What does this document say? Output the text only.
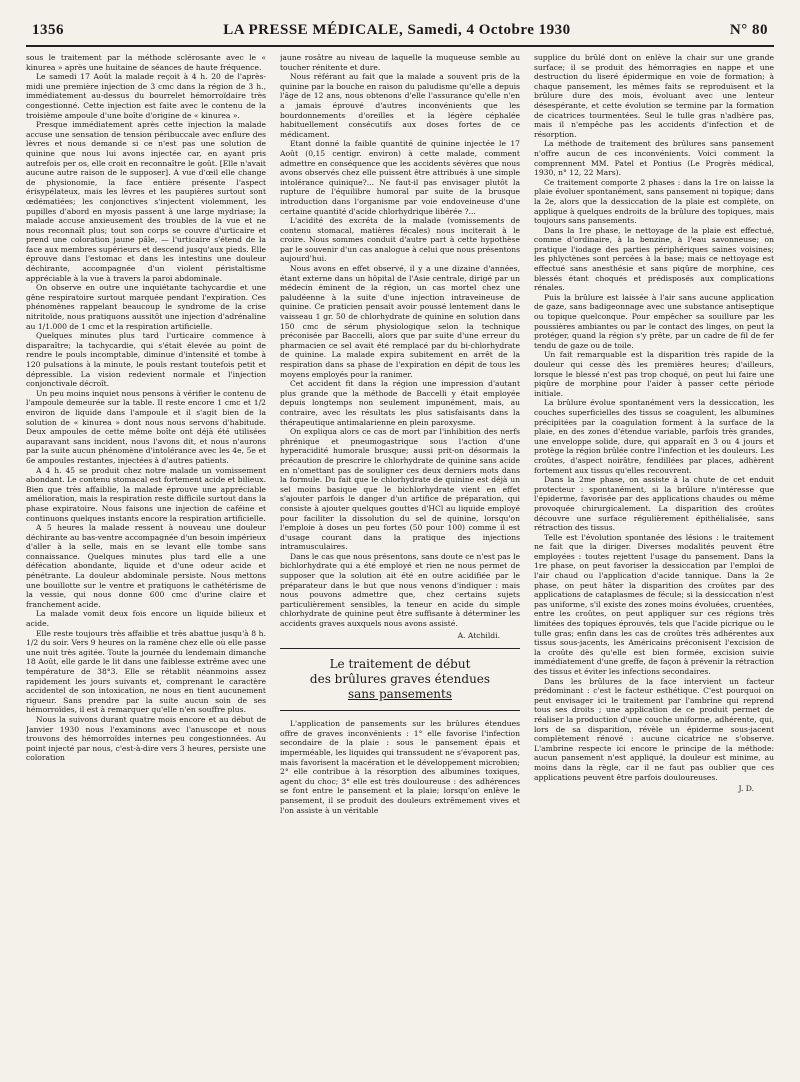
1356	LA PRESSE MÉDICALE, Samedi, 4 Octobre 1930	N° 80

sous le traitement par la méthode sclérosante avec le « kinurea » après une huitaine de séances de haute fréquence.

Le samedi 17 Août la malade reçoit à 4 h. 20 de l'après-midi une première injection de 3 cmc dans la région de 3 h., immédiatement au-dessus du bourrelet hémorroïdaire très congestionné. Cette injection est faite avec le contenu de la troisième ampoule d'une boîte d'origine de « kinurea ».

Presque immédiatement après cette injection la malade accuse une sensation de tension péribuccale avec enflure des lèvres et nous demande si ce n'est pas une solution de quinine que nous lui avons injectée car, en ayant pris autrefois per os, elle croit en reconnaître le goût. [Elle n'avait aucune autre raison de le supposer]. A vue d'œil elle change de physionomie, la face entière présente l'aspect érisypélateux, mais les lèvres et les paupières surtout sont œdématiées; les conjonctives s'injectent violemment, les pupilles d'abord en myosis passent à une large mydriase; la malade accuse anxieusement des troubles de la vue et ne nous reconnaît plus; tout son corps se couvre d'urticaire et prend une coloration jaune pâle, — l'urticaire s'étend de la face aux membres supérieurs et descend jusqu'aux pieds. Elle éprouve dans l'estomac et dans les intestins une douleur déchirante, accompagnée d'un violent péristaltisme appréciable à la vue à travers la paroi abdominale.

On observe en outre une inquiétante tachycardie et une gêne respiratoire surtout marquée pendant l'expiration. Ces phénomènes rappelant beaucoup le syndrome de la crise nitritoïde, nous pratiquons aussitôt une injection d'adrénaline au 1/1.000 de 1 cmc et la respiration artificielle.

Quelques minutes plus tard l'urticaire commence à disparaître; la tachycardie, qui s'était élevée au point de rendre le pouls incomptable, diminue d'intensité et tombe à 120 pulsations à la minute, le pouls restant toutefois petit et dépressible. La vision redevient normale et l'injection conjonctivale décroît.

Un peu moins inquiet nous pensons à vérifier le contenu de l'ampoule demeurée sur la table. Il reste encore 1 cmc et 1/2 environ de liquide dans l'ampoule et il s'agit bien de la solution de « kinurea » dont nous nous servons d'habitude. Deux ampoules de cette même boîte ont déjà été utilisées auparavant sans incident, nous l'avons dit, et nous n'aurons par la suite aucun phénomène d'intolérance avec les 4e, 5e et 6e ampoules restantes, injectées à d'autres patients.

A 4 h. 45 se produit chez notre malade un vomissement abondant. Le contenu stomacal est fortement acide et bilieux. Bien que très affaiblie, la malade éprouve une appréciable amélioration, mais la respiration reste difficile surtout dans la phase expiratoire. Nous faisons une injection de caféine et continuons quelques instants encore la respiration artificielle.

A 5 heures la malade ressent à nouveau une douleur déchirante au bas-ventre accompagnée d'un besoin impérieux d'aller à la selle, mais en se levant elle tombe sans connaissance. Quelques minutes plus tard elle a une défécation abondante, liquide et d'une odeur acide et pénétrante. La douleur abdominale persiste. Nous mettons une bouillotte sur le ventre et pratiquons le cathétérisme de la vessie, qui nous donne 600 cmc d'urine claire et franchement acide.

La malade vomit deux fois encore un liquide bilieux et acide.

Elle reste toujours très affaiblie et très abattue jusqu'à 8 h. 1/2 du soir. Vers 9 heures on la ramène chez elle où elle passe une nuit très agitée. Toute la journée du lendemain dimanche 18 Août, elle garde le lit dans une faiblesse extrême avec une température de 38°3. Elle se rétablit néanmoins assez rapidement les jours suivants et, comprenant le caractère accidentel de son intoxication, ne nous en tient aucunement rigueur. Sans prendre par la suite aucun soin de ses hémorroïdes, il est à remarquer qu'elle n'en souffre plus.

Nous la suivons durant quatre mois encore et au début de Janvier 1930 nous l'examinons avec l'anuscope et nous trouvons des hémorroïdes internes peu congestionnées. Au point injecté par nous, c'est-à-dire vers 3 heures, persiste une coloration

jaune rosâtre au niveau de laquelle la muqueuse semble au toucher rénitente et dure.

Nous référant au fait que la malade a souvent pris de la quinine par la bouche en raison du paludisme qu'elle a depuis l'âge de 12 ans, nous obtenons d'elle l'assurance qu'elle n'en a jamais éprouvé d'autres inconvénients que les bourdonnements d'oreilles et la légère céphalée habituellement consécutifs aux doses fortes de ce médicament.

Etant donné la faible quantité de quinine injectée le 17 Août (0,15 centigr. environ) à cette malade, comment admettre en conséquence que les accidents sévères que nous avons observés chez elle puissent être attribués à une simple intolérance quinique?... Ne faut-il pas envisager plutôt la rupture de l'équilibre humoral par suite de la brusque introduction dans l'organisme par voie endoveineuse d'une certaine quantité d'acide chlorhydrique libérée ?...

L'acidité des excréta de la malade (vomissements de contenu stomacal, matières fécales) nous inciterait à le croire. Nous sommes conduit d'autre part à cette hypothèse par le souvenir d'un cas analogue à celui que nous présentons aujourd'hui.

Nous avons en effet observé, il y a une dizaine d'années, étant externe dans un hôpital de l'Asie centrale, dirigé par un médecin éminent de la région, un cas mortel chez une paludéenne à la suite d'une injection intraveineuse de quinine. Ce praticien pensait avoir poussé lentement dans le vaisseau 1 gr. 50 de chlorhydrate de quinine en solution dans 150 cmc de sérum physiologique selon la technique préconisée par Baccelli, alors que par suite d'une erreur du pharmacien ce sel avait été remplacé par du bi-chlorhydrate de quinine. La malade expira subitement en arrêt de la respiration dans sa phase de l'expiration en dépit de tous les moyens employés pour la ranimer.

Cet accident fit dans la région une impression d'autant plus grande que la méthode de Baccelli y était employée depuis longtemps non seulement impunément, mais, au contraire, avec les résultats les plus satisfaisants dans la thérapeutique antimalarienne en plein paroxysme.

On expliqua alors ce cas de mort par l'inhibition des nerfs phrénique et pneumogastrique sous l'action d'une hyperacidité humorale brusque; aussi prit-on désormais la précaution de prescrire le chlorhydrate de quinine sans acide en n'omettant pas de souligner ces deux derniers mots dans la formule. Du fait que le chlorhydrate de quinine est déjà un sel moins basique que le bichlorhydrate vient en effet s'ajouter parfois le danger d'un artifice de préparation, qui consiste à ajouter quelques gouttes d'HCl au liquide employé pour faciliter la dissolution du sel de quinine, lorsqu'on l'emploie à doses un peu fortes (50 pour 100) comme il est d'usage courant dans la pratique des injections intramusculaires.

Dans le cas que nous présentons, sans doute ce n'est pas le bichlorhydrate qui a été employé et rien ne nous permet de supposer que la solution ait été en outre acidifiée par le préparateur dans le but que nous venons d'indiquer : mais nous pouvons admettre que, chez certains sujets particulièrement sensibles, la teneur en acide du simple chlorhydrate de quinine peut être suffisante à déterminer les accidents graves auxquels nous avons assisté.

A. Atchildi.
Le traitement de début
des brûlures graves étendues
sans pansements

L'application de pansements sur les brûlures étendues offre de graves inconvénients : 1° elle favorise l'infection secondaire de la plaie : sous le pansement épais et imperméable, les liquides qui transsudent ne s'évaporent pas, mais favorisent la macération et le développement microbien; 2° elle contribue à la résorption des albumines toxiques, agent du choc; 3° elle est très douloureuse : des adhérences se font entre le pansement et la plaie; lorsqu'on enlève le pansement, il se produit des douleurs extrêmement vives et l'on assiste à un véritable

supplice du brûlé dont on enlève la chair sur une grande surface; il se produit des hémorragies en nappe et une destruction du liseré épidermique en voie de formation; à chaque pansement, les mêmes faits se reproduisent et la brûlure dure des mois, évoluant avec une lenteur désespérante, et cette évolution se termine par la formation de cicatrices tourmentées. Seul le tulle gras n'adhère pas, mais il n'empêche pas les accidents d'infection et de résorption.

La méthode de traitement des brûlures sans pansement n'offre aucun de ces inconvénients. Voici comment la comprennent MM. Patel et Pontius (Le Progrès médical, 1930, n° 12, 22 Mars).

Ce traitement comporte 2 phases : dans la 1re on laisse la plaie évoluer spontanément, sans pansement ni topique; dans la 2e, alors que la dessiccation de la plaie est complète, on applique à quelques endroits de la brûlure des topiques, mais toujours sans pansements.

Dans la 1re phase, le nettoyage de la plaie est effectué, comme d'ordinaire, à la benzine, à l'eau savonneuse; on pratique l'iodage des parties périphériques saines voisines; les phlyctènes sont percées à la base; mais ce nettoyage est effectué sans anesthésie et sans piqûre de morphine, ces blessés étant choqués et prédisposés aux complications rénales.

Puis la brûlure est laissée à l'air sans aucune application de gaze, sans badigeonnage avec une substance antiseptique ou topique quelconque. Pour empêcher sa souillure par les poussières ambiantes ou par le contact des linges, on peut la protéger, quand la région s'y prête, par un cadre de fil de fer tendu de gaze ou de toile.

Un fait remarquable est la disparition très rapide de la douleur qui cesse dès les premières heures; d'ailleurs, lorsque le blessé n'est pas trop choqué, on peut lui faire une piqûre de morphine pour l'aider à passer cette période initiale.

La brûlure évolue spontanément vers la dessiccation, les couches superficielles des tissus se coagulent, les albumines précipitées par la coagulation forment à la surface de la plaie, en des zones d'étendue variable, parfois très grandes, une enveloppe solide, dure, qui apparaît en 3 ou 4 jours et protège la région brûlée contre l'infection et les douleurs. Les croûtes, d'aspect noirâtre, fendillées par places, adhèrent fortement aux tissus qu'elles recouvrent.

Dans la 2me phase, on assiste à la chute de cet enduit protecteur : spontanément, si la brûlure n'intéresse que l'épiderme, favorisée par des applications chaudes ou même provoquée chirurgicalement. La disparition des croûtes découvre une surface régulièrement épithélialisée, sans rétraction des tissus.

Telle est l'évolution spontanée des lésions : le traitement ne fait que la diriger. Diverses modalités peuvent être employées : toutes rejettent l'usage du pansement. Dans la 1re phase, on peut favoriser la dessiccation par l'emploi de l'air chaud ou l'application d'acide tannique. Dans la 2e phase, on peut hâter la disparition des croûtes par des applications de cataplasmes de fécule; si la dessiccation n'est pas uniforme, s'il existe des zones moins évoluées, cruentées, entre les croûtes, on peut appliquer sur ces régions très limitées des topiques éprouvés, tels que l'acide picrique ou le tulle gras; enfin dans les cas de croûtes très adhérentes aux tissus sous-jacents, les Américains préconisent l'excision de la croûte dès qu'elle est bien formée, excision suivie immédiatement d'une greffe, de façon à prévenir la rétraction des tissus et éviter les infections secondaires.

Dans les brûlures de la face intervient un facteur prédominant : c'est le facteur esthétique. C'est pourquoi on peut envisager ici le traitement par l'ambrine qui reprend tous ses droits ; une application de ce produit permet de réaliser la production d'une couche uniforme, adhérente, qui, lors de sa disparition, révèle un épiderme sous-jacent complètement rénové : aucune cicatrice ne s'observe. L'ambrine respecte ici encore le principe de la méthode: aucun pansement n'est appliqué, la douleur est minime, au moins dans la règle, car il ne faut pas oublier que ces applications peuvent être parfois douloureuses.

J. D.
